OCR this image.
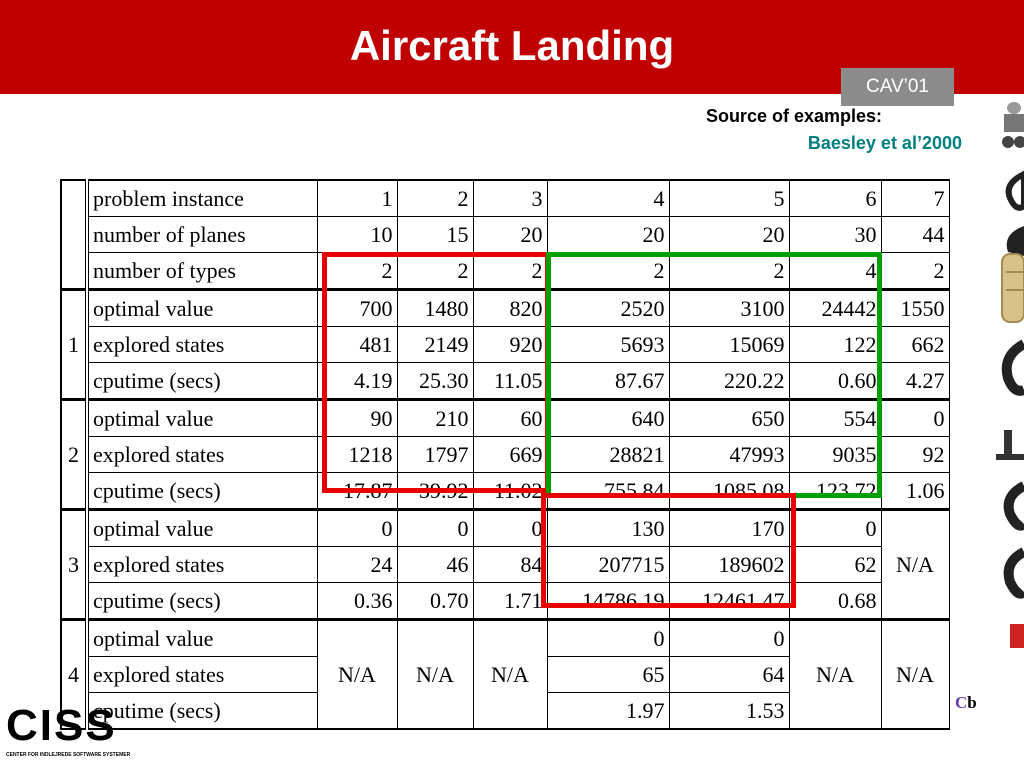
Aircraft Landing
CAV’01
Source of examples:
Baesley et al’2000
	problem instance	1	2	3	4	5	6	7
	number of planes	10	15	20	20	20	30	44
	number of types	2	2	2	2	2	4	2
	optimal value	700	1480	820	2520	3100	24442	1550
1	explored states	481	2149	920	5693	15069	122	662
	cputime (secs)	4.19	25.30	11.05	87.67	220.22	0.60	4.27
	optimal value	90	210	60	640	650	554	0
2	explored states	1218	1797	669	28821	47993	9035	92
	cputime (secs)	17.87	39.92	11.02	755.84	1085.08	123.72	1.06
	optimal value	0	0	0	130	170	0	
3	explored states	24	46	84	207715	189602	62	N/A
	cputime (secs)	0.36	0.70	1.71	14786.19	12461.47	0.68	
	optimal value				0	0		
4	explored states	N/A	N/A	N/A	65	64	N/A	N/A
	cputime (secs)				1.97	1.53		
CISS
CENTER FOR INDLEJREDE SOFTWARE SYSTEMER
Cb
